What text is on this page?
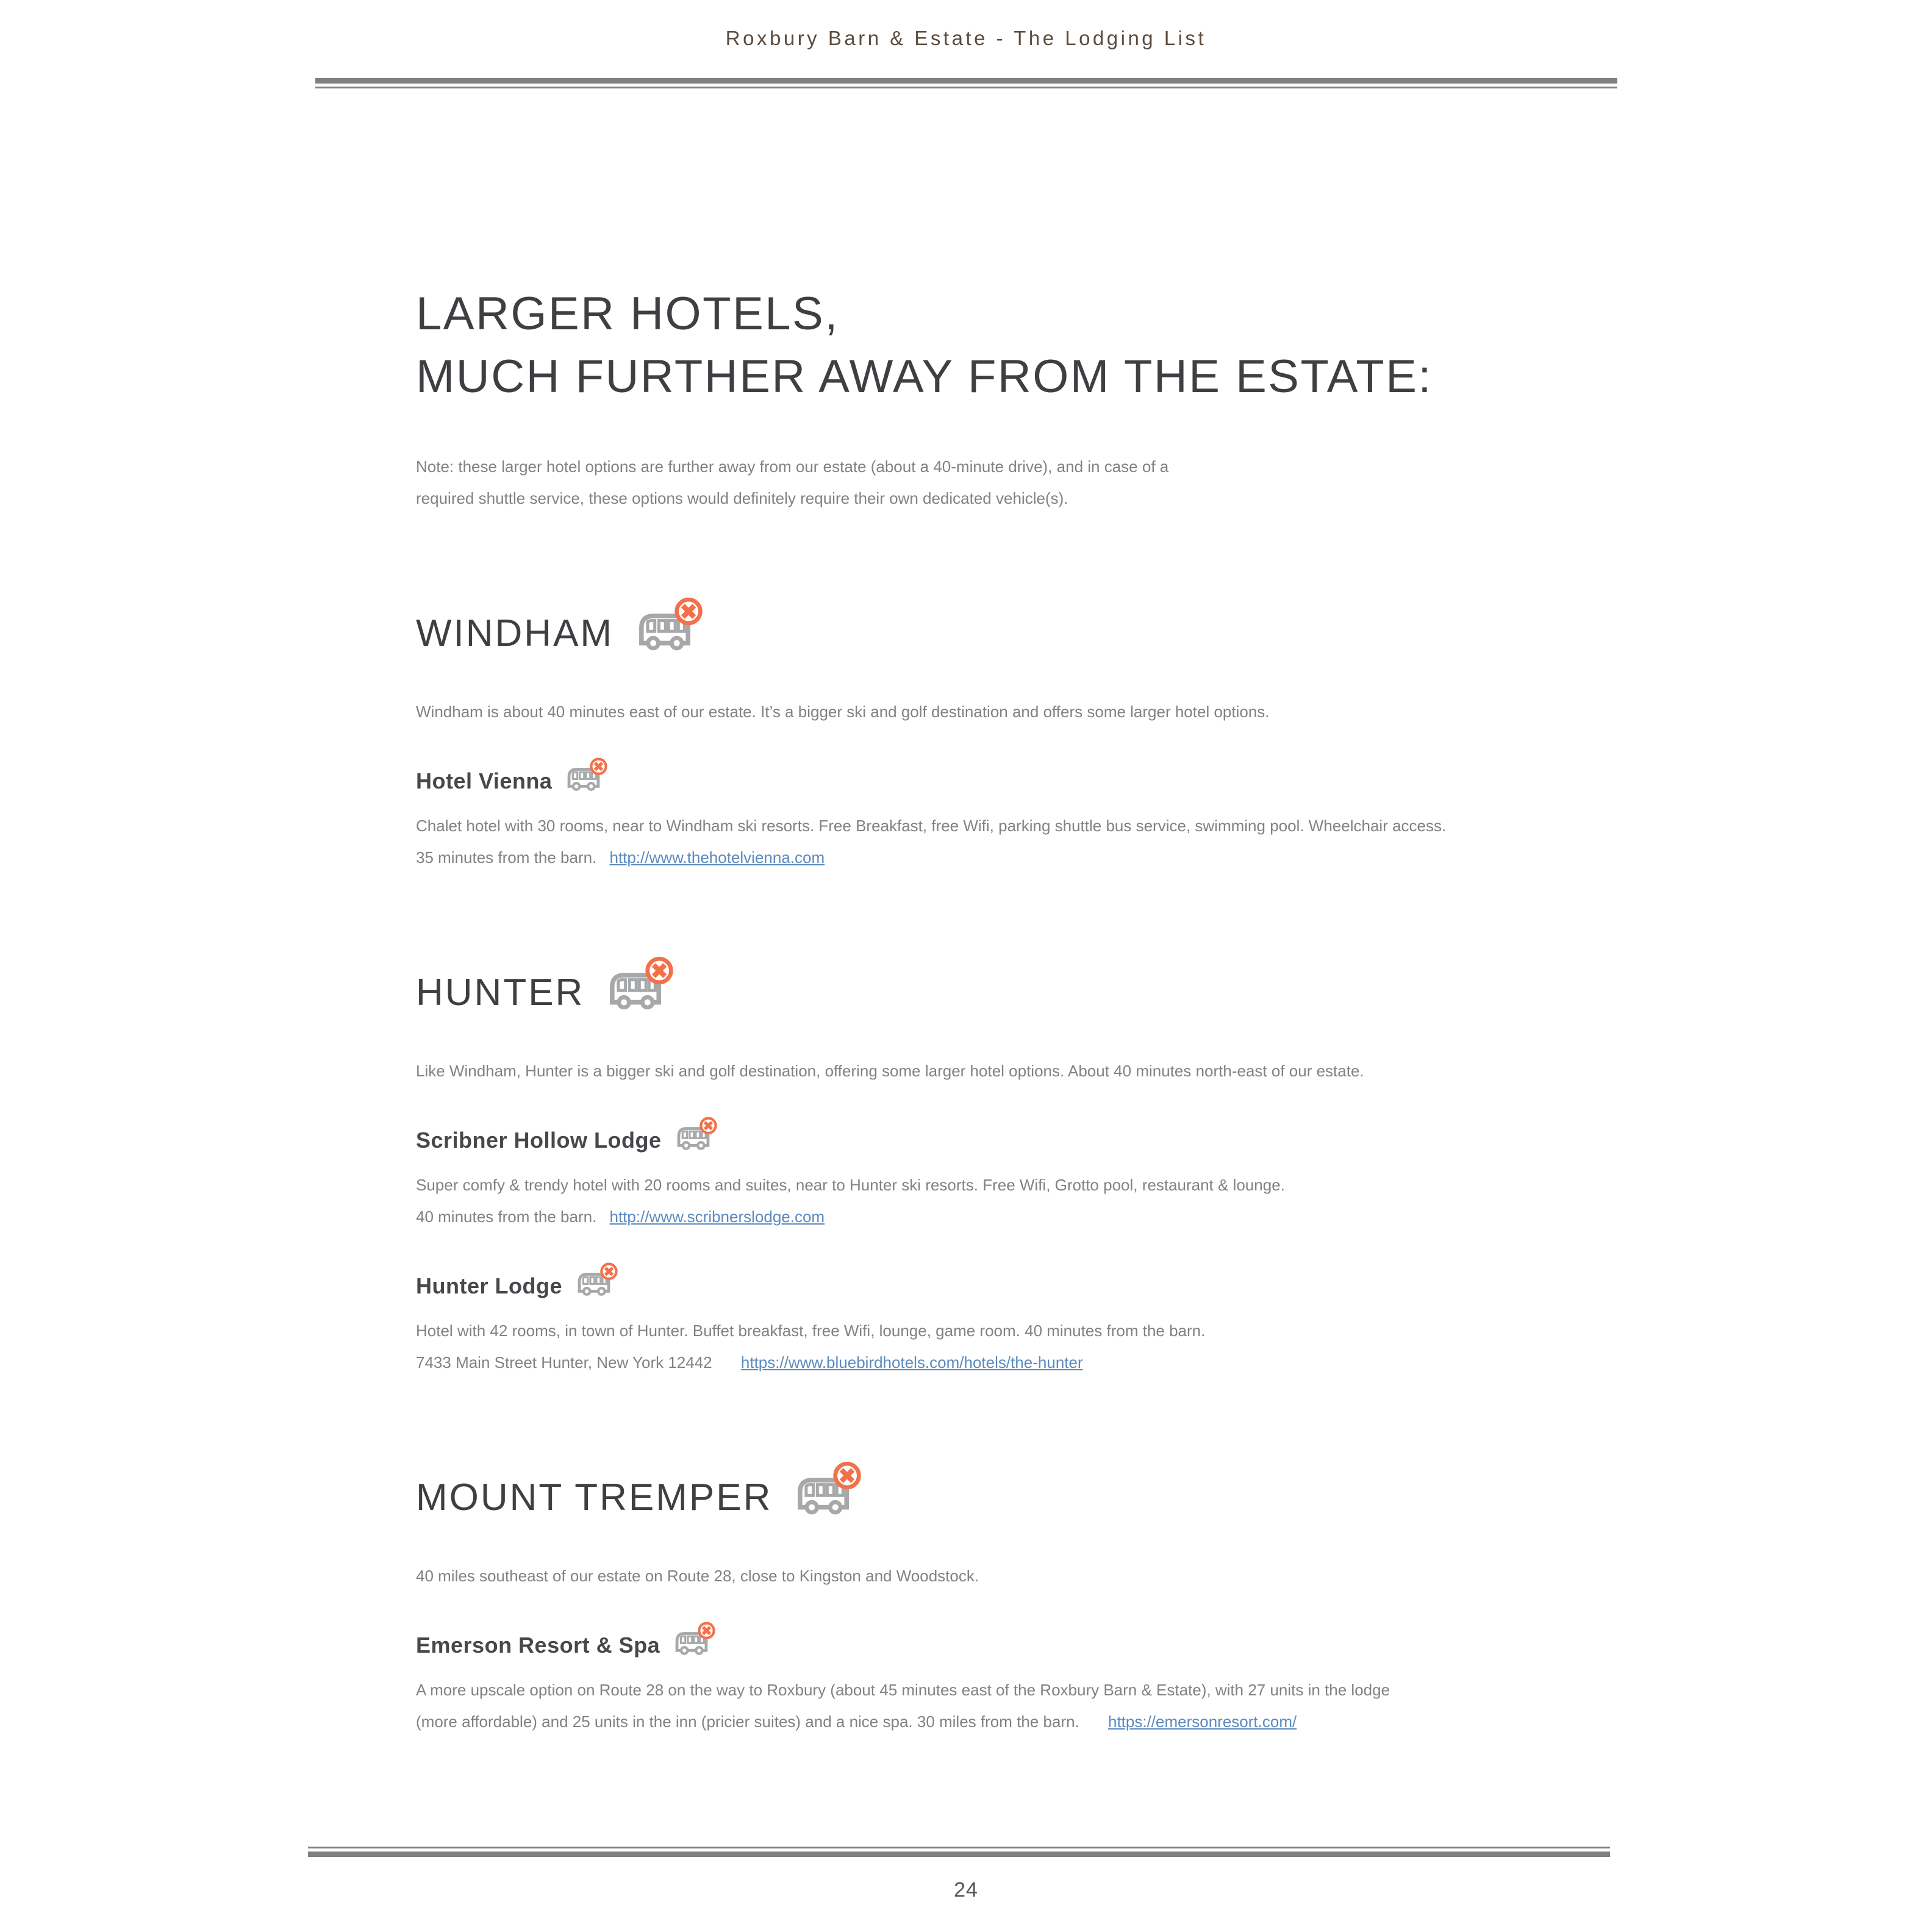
Roxbury Barn & Estate - The Lodging List
LARGER HOTELS,
MUCH FURTHER AWAY FROM THE ESTATE:
Note: these larger hotel options are further away from our estate (about a 40-minute drive), and in case of a
required shuttle service, these options would definitely require their own dedicated vehicle(s).
WINDHAM
Windham is about 40 minutes east of our estate. It’s a bigger ski and golf destination and offers some larger hotel options.
Hotel Vienna
Chalet hotel with 30 rooms, near to Windham ski resorts. Free Breakfast, free Wifi, parking shuttle bus service, swimming pool. Wheelchair access.
35 minutes from the barn. http://www.thehotelvienna.com
HUNTER
Like Windham, Hunter is a bigger ski and golf destination, offering some larger hotel options. About 40 minutes north-east of our estate.
Scribner Hollow Lodge
Super comfy & trendy hotel with 20 rooms and suites, near to Hunter ski resorts. Free Wifi, Grotto pool, restaurant & lounge.
40 minutes from the barn. http://www.scribnerslodge.com
Hunter Lodge
Hotel with 42 rooms, in town of Hunter. Buffet breakfast, free Wifi, lounge, game room. 40 minutes from the barn.
7433 Main Street Hunter, New York 12442 https://www.bluebirdhotels.com/hotels/the-hunter
MOUNT TREMPER
40 miles southeast of our estate on Route 28, close to Kingston and Woodstock.
Emerson Resort & Spa
A more upscale option on Route 28 on the way to Roxbury (about 45 minutes east of the Roxbury Barn & Estate), with 27 units in the lodge
(more affordable) and 25 units in the inn (pricier suites) and a nice spa. 30 miles from the barn. https://emersonresort.com/
24
